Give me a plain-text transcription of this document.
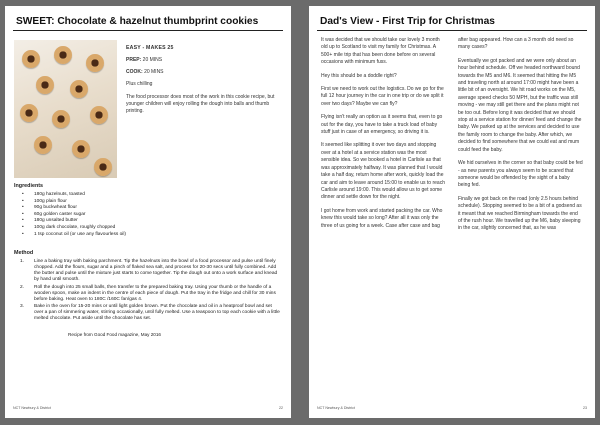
SWEET: Chocolate & hazelnut thumbprint cookies
EASY - MAKES 25
PREP: 20 MINS
COOK: 20 MINS
Plus chilling
The food processor does most of the work in this cookie recipe, but younger children will enjoy rolling the dough into balls and thumb printing.
Ingredients
• 180g hazelnuts, toasted
• 100g plain flour
• 90g buckwheat flour
• 60g golden caster sugar
• 180g unsalted butter
• 100g dark chocolate, roughly chopped
• 1 tsp coconut oil (or use any flavourless oil)
Method
1. Line a baking tray with baking parchment. Tip the hazelnuts into the bowl of a food processor and pulse until finely chopped. Add the flours, sugar and a pinch of flaked sea salt, and process for 20-30 secs until fully combined. Add the butter and pulse until the mixture just starts to come together. Tip the dough out onto a work surface and knead by hand until smooth.
2. Roll the dough into 25 small balls, then transfer to the prepared baking tray. Using your thumb or the handle of a wooden spoon, make an indent in the centre of each piece of dough. Put the tray in the fridge and chill for 30 mins before baking. Heat oven to 180C /160C fan/gas 4.
3. Bake in the oven for 15-20 mins or until light golden brown. Put the chocolate and oil in a heatproof bowl and set over a pan of simmering water, stirring occasionally, until fully melted. Use a teaspoon to top each cookie with a little melted chocolate. Put aside until the chocolate has set.
Recipe from Good Food magazine, May 2016
NCT Newbury & District	22
Dad's View - First Trip for Christmas

It was decided that we should take our lovely 3 month old up to Scotland to visit my family for Christmas. A 500+ mile trip that has been done before on several occasions with minimum fuss.

Hey this should be a doddle right?

First we need to work out the logistics. Do we go for the full 12 hour journey in the car in one trip or do we split it over two days? Maybe we can fly?

Flying isn't really an option as it seems that, even to go out for the day, you have to take a truck load of baby stuff just in case of an emergency, so driving it is.

It seemed like splitting it over two days and stopping over at a hotel at a service station was the most sensible idea. So we booked a hotel in Carlisle as that was approximately halfway. It was planned that I would take a half day, return home after work, quickly load the car and aim to leave around 15:00 to enable us to reach Carlisle around 19:00. This would allow us to get some dinner and settle down for the night.

I got home from work and started packing the car. Who knew this would take so long? After all it was only the three of us going for a week. Case after case and bag

after bag appeared. How can a 3 month old need so many cases?

Eventually we got packed and we were only about an hour behind schedule. Off we headed northward bound towards the M5 and M6. It seemed that hitting the M5 and traveling north at around 17:00 might have been a little bit of an oversight. We hit road works on the M5, average speed checks 50 MPH, but the traffic was still moving - we may still get there and the plans might not be too out. Before long it was decided that we should stop at a service station for dinner/ feed and change the baby. We parked up at the services and decided to use the family room to change the baby. After which, we decided to find somewhere that we could eat and mum could feed the baby.

We hid ourselves in the corner so that baby could be fed - as new parents you always seem to be scared that someone would be offended by the sight of a baby being fed.

Finally we got back on the road (only 2.5 hours behind schedule). Stopping seemed to be a bit of a godsend as it meant that we reached Birmingham towards the end of the rush hour. We travelled up the M6, baby sleeping in the car, slightly concerned that, as he was

NCT Newbury & District	23
